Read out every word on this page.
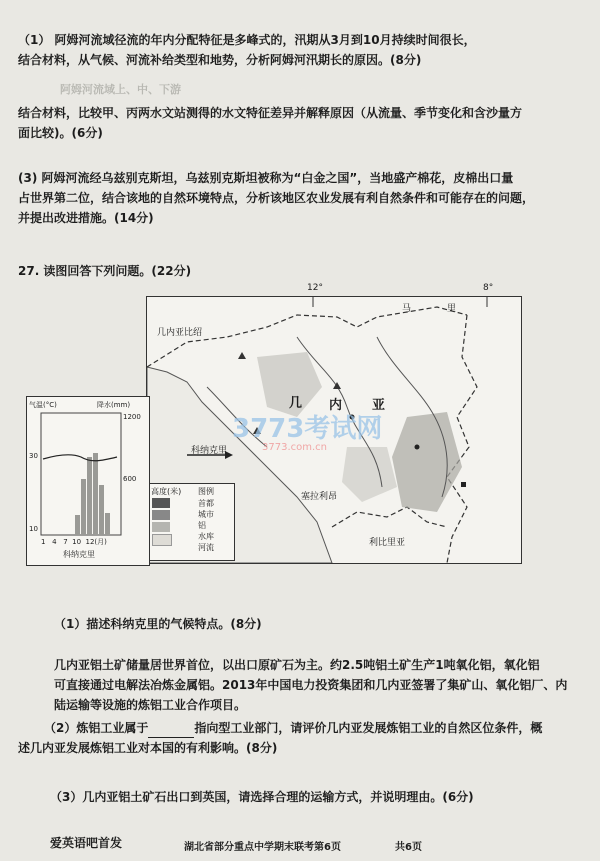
（1） 阿姆河流域径流的年内分配特征是多峰式的，汛期从3月到10月持续时间很长，
结合材料，从气候、河流补给类型和地势，分析阿姆河汛期长的原因。(8分)
阿姆河流域上、中、下游
结合材料，比较甲、丙两水文站测得的水文特征差异并解释原因（从流量、季节变化和含沙量方
面比较)。(6分)
(3) 阿姆河流经乌兹别克斯坦，乌兹别克斯坦被称为“白金之国”，当地盛产棉花，皮棉出口量
占世界第二位，结合该地的自然环境特点，分析该地区农业发展有利自然条件和可能存在的问题，
并提出改进措施。(14分)
27. 读图回答下列问题。(22分)
12°	8°
几内亚比绍
马	里
几 内 亚
塞拉利昂
利比里亚
科纳克里
高度(米) 图例
首都
城市
铝
水库
河流
气温(°C)	降水(mm)
1200
30
600
10
1   4   7  10  12(月)
科纳克里
3773考试网
3773.com.cn
（1）描述科纳克里的气候特点。(8分)
几内亚铝土矿储量居世界首位，以出口原矿石为主。约2.5吨铝土矿生产1吨氧化铝，氧化铝
可直接通过电解法冶炼金属铝。2013年中国电力投资集团和几内亚签署了集矿山、氧化铝厂、内
陆运输等设施的炼铝工业合作项目。
（2）炼铝工业属于	指向型工业部门，请评价几内亚发展炼铝工业的自然区位条件，概
述几内亚发展炼铝工业对本国的有利影响。(8分)
（3）几内亚铝土矿石出口到英国，请选择合理的运输方式，并说明理由。(6分)
爱英语吧首发	湖北省部分重点中学期末联考第6页	共6页
